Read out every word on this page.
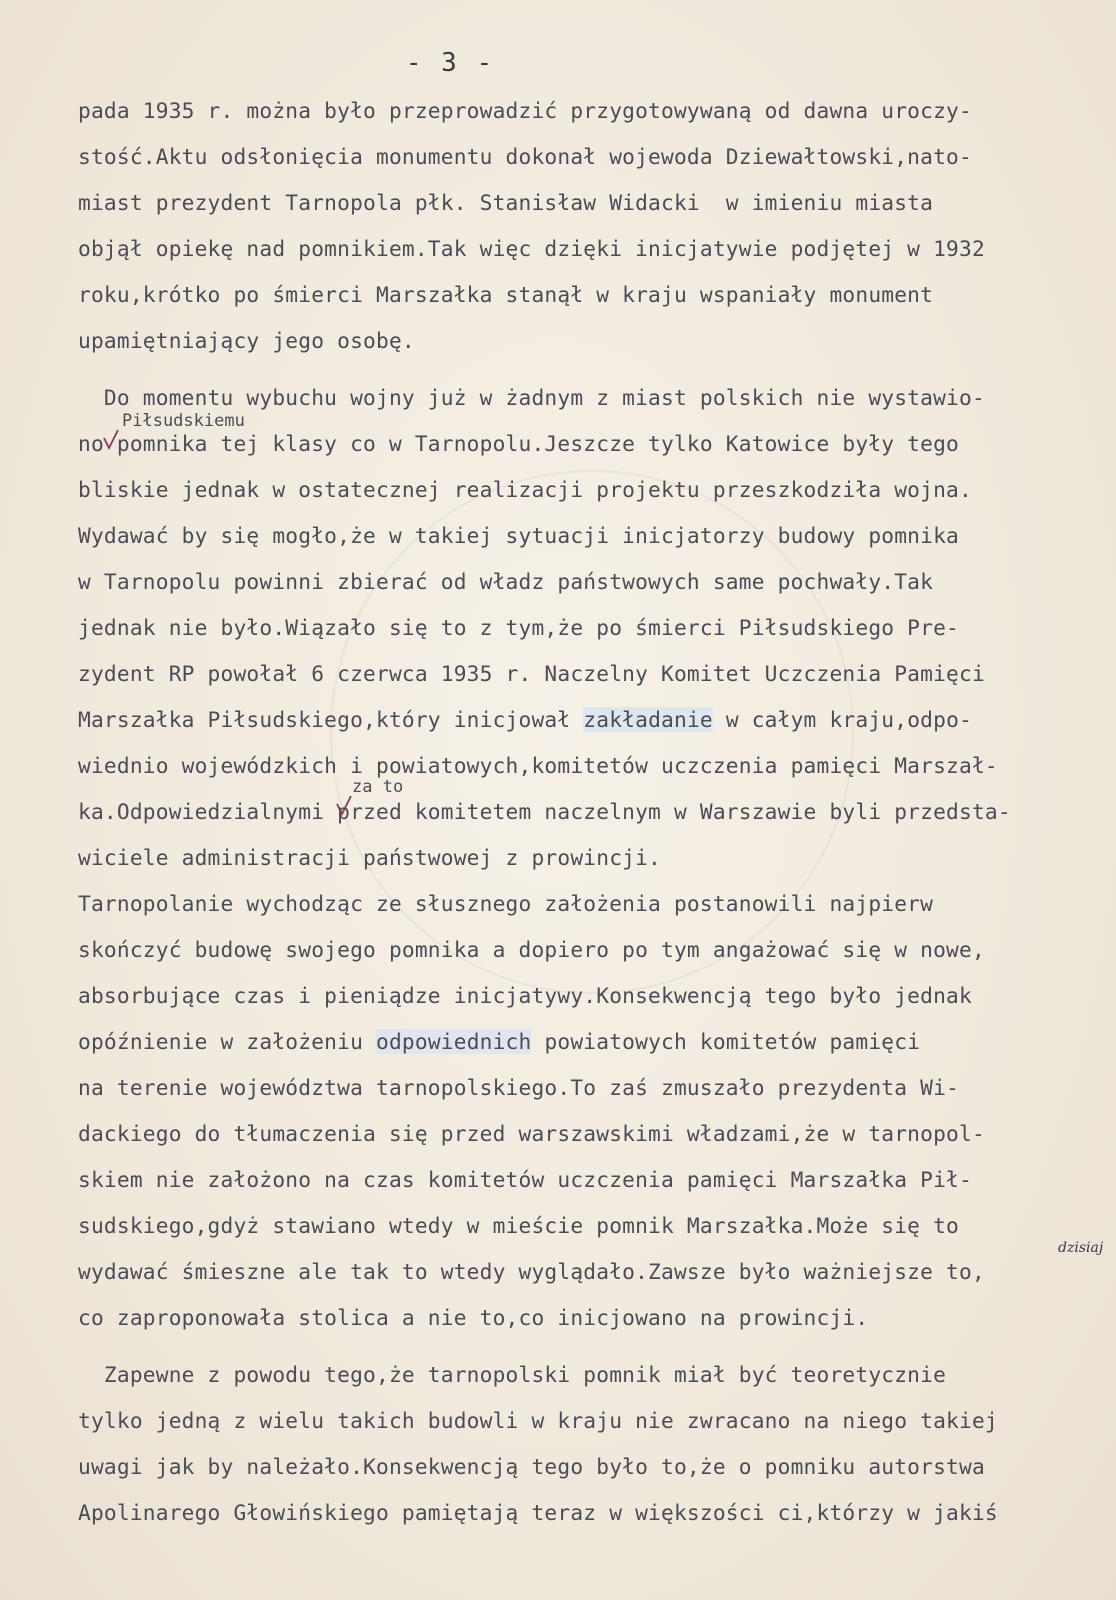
- 3 -
pada 1935 r. można było przeprowadzić przygotowywaną od dawna uroczy-
stość.Aktu odsłonięcia monumentu dokonał wojewoda Dziewałtowski,nato-
miast prezydent Tarnopola płk. Stanisław Widacki  w imieniu miasta
objął opiekę nad pomnikiem.Tak więc dzięki inicjatywie podjętej w 1932
roku,krótko po śmierci Marszałka stanął w kraju wspaniały monument
upamiętniający jego osobę.
Do momentu wybuchu wojny już w żadnym z miast polskich nie wystawio-
Piłsudskiemu
no pomnika tej klasy co w Tarnopolu.Jeszcze tylko Katowice były tego
bliskie jednak w ostatecznej realizacji projektu przeszkodziła wojna.
Wydawać by się mogło,że w takiej sytuacji inicjatorzy budowy pomnika
w Tarnopolu powinni zbierać od władz państwowych same pochwały.Tak
jednak nie było.Wiązało się to z tym,że po śmierci Piłsudskiego Pre-
zydent RP powołał 6 czerwca 1935 r. Naczelny Komitet Uczczenia Pamięci
Marszałka Piłsudskiego,który inicjował zakładanie w całym kraju,odpo-
wiednio wojewódzkich i powiatowych,komitetów uczczenia pamięci Marszał-
za to
ka.Odpowiedzialnymi przed komitetem naczelnym w Warszawie byli przedsta-
wiciele administracji państwowej z prowincji.
Tarnopolanie wychodząc ze słusznego założenia postanowili najpierw
skończyć budowę swojego pomnika a dopiero po tym angażować się w nowe,
absorbujące czas i pieniądze inicjatywy.Konsekwencją tego było jednak
opóźnienie w założeniu odpowiednich powiatowych komitetów pamięci
na terenie województwa tarnopolskiego.To zaś zmuszało prezydenta Wi-
dackiego do tłumaczenia się przed warszawskimi władzami,że w tarnopol-
skiem nie założono na czas komitetów uczczenia pamięci Marszałka Pił-
sudskiego,gdyż stawiano wtedy w mieście pomnik Marszałka.Może się to
dzisiaj
wydawać śmieszne ale tak to wtedy wyglądało.Zawsze było ważniejsze to,
co zaproponowała stolica a nie to,co inicjowano na prowincji.
Zapewne z powodu tego,że tarnopolski pomnik miał być teoretycznie
tylko jedną z wielu takich budowli w kraju nie zwracano na niego takiej
uwagi jak by należało.Konsekwencją tego było to,że o pomniku autorstwa
Apolinarego Głowińskiego pamiętają teraz w większości ci,którzy w jakiś
